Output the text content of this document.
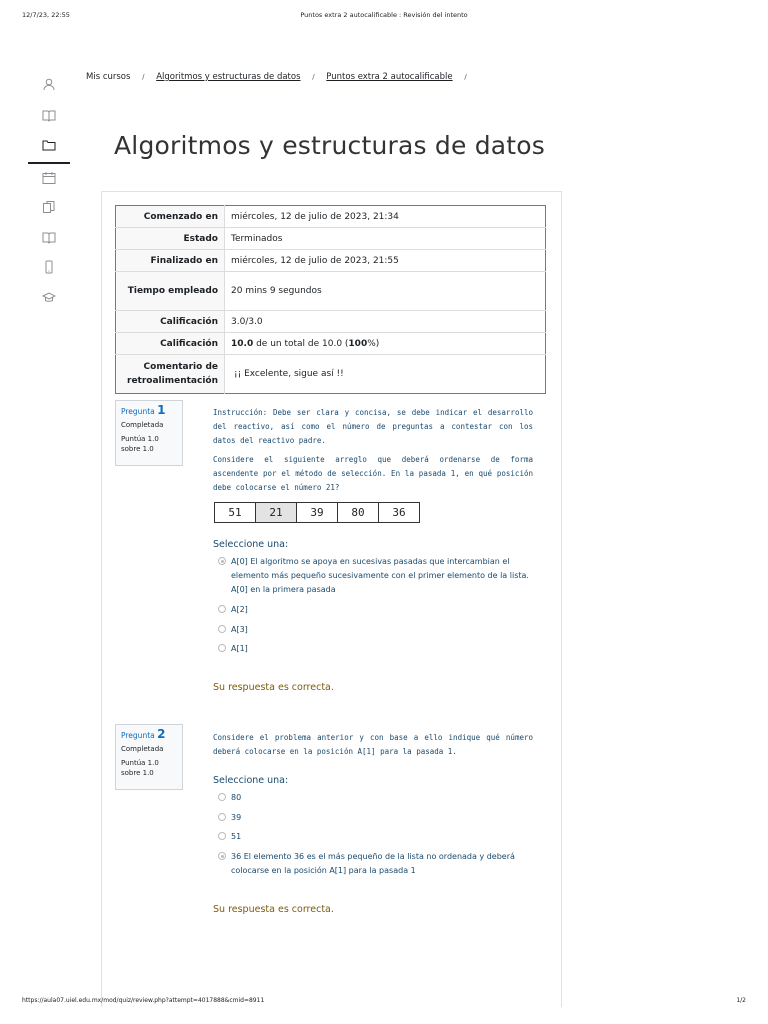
12/7/23, 22:55	Puntos extra 2 autocalificable : Revisión del intento
Mis cursos / Algoritmos y estructuras de datos / Puntos extra 2 autocalificable /
Algoritmos y estructuras de datos
Comenzado en	miércoles, 12 de julio de 2023, 21:34
Estado	Terminados
Finalizado en	miércoles, 12 de julio de 2023, 21:55
Tiempo empleado	20 mins 9 segundos
Calificación	3.0/3.0
Calificación	10.0 de un total de 10.0 (100%)
Comentario de retroalimentación	¡¡ Excelente, sigue así !!
Pregunta 1
Completada
Puntúa 1.0 sobre 1.0
Instrucción: Debe ser clara y concisa, se debe indicar el desarrollo del reactivo, así como el número de preguntas a contestar con los datos del reactivo padre.
Considere el siguiente arreglo que deberá ordenarse de forma ascendente por el método de selección. En la pasada 1, en qué posición debe colocarse el número 21?
51	21	39	80	36
Seleccione una:
A[0] El algoritmo se apoya en sucesivas pasadas que intercambian el elemento más pequeño sucesivamente con el primer elemento de la lista. A[0] en la primera pasada
A[2]
A[3]
A[1]
Su respuesta es correcta.
Pregunta 2
Completada
Puntúa 1.0 sobre 1.0
Considere el problema anterior y con base a ello indique qué número deberá colocarse en la posición A[1] para la pasada 1.
Seleccione una:
80
39
51
36 El elemento 36 es el más pequeño de la lista no ordenada y deberá colocarse en la posición A[1] para la pasada 1
Su respuesta es correcta.
https://aula07.uiel.edu.mx/mod/quiz/review.php?attempt=4017888&cmid=8911	1/2
